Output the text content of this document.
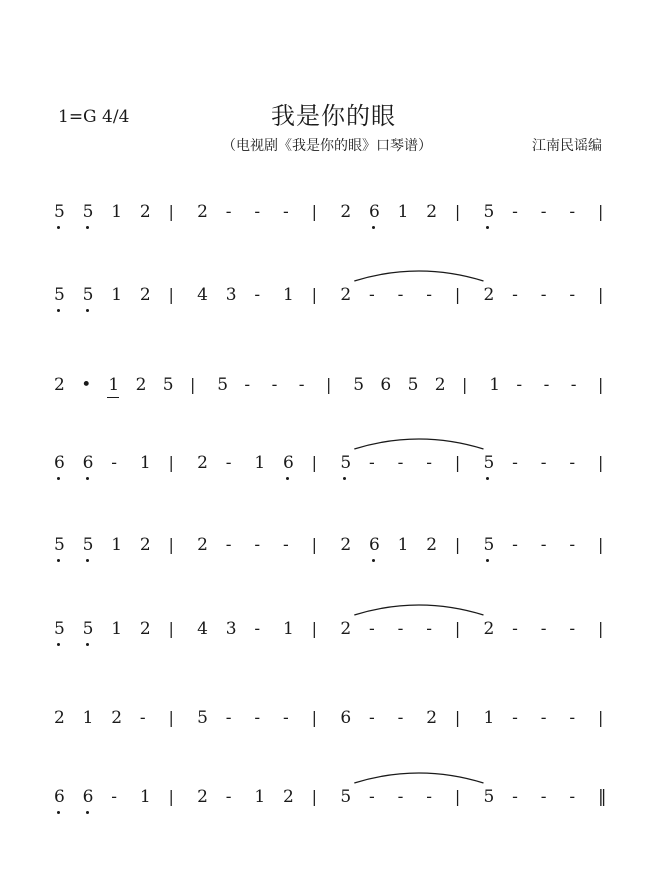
1=G 4/4	我是你的眼
（电视剧《我是你的眼》口琴谱）	江南民谣编
5 5 1 2 | 2 - - - | 2 6 1 2 | 5 - - - |
5 5 1 2 | 4 3 - 1 | 2 - - - | 2 - - - |
2 • 1 2 5 | 5 - - - | 5 6 5 2 | 1 - - - |
6 6 - 1 | 2 - 1 6 | 5 - - - | 5 - - - |
5 5 1 2 | 2 - - - | 2 6 1 2 | 5 - - - |
5 5 1 2 | 4 3 - 1 | 2 - - - | 2 - - - |
2 1 2 - | 5 - - - | 6 - - 2 | 1 - - - |
6 6 - 1 | 2 - 1 2 | 5 - - - | 5 - - - ‖
